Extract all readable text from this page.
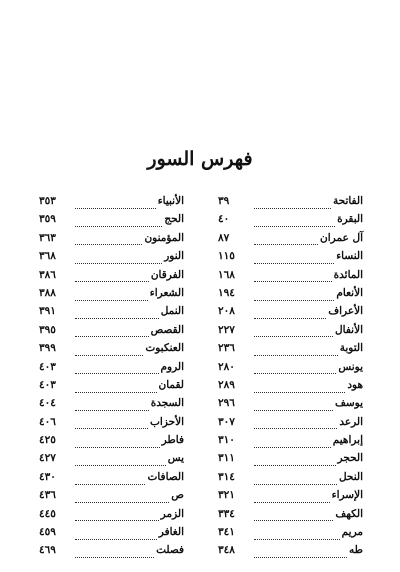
فهرس السور
الفاتحة
٣٩
البقرة
٤٠
آل عمران
٨٧
النساء
١١٥
المائدة
١٦٨
الأنعام
١٩٤
الأعراف
٢٠٨
الأنفال
٢٢٧
التوبة
٢٣٦
يونس
٢٨٠
هود
٢٨٩
يوسف
٢٩٦
الرعد
٣٠٧
إبراهيم
٣١٠
الحجر
٣١١
النحل
٣١٤
الإسراء
٣٢١
الكهف
٣٣٤
مريم
٣٤١
طه
٣٤٨
الأنبياء
٣٥٣
الحج
٣٥٩
المؤمنون
٣٦٣
النور
٣٦٨
الفرقان
٣٨٦
الشعراء
٣٨٨
النمل
٣٩١
القصص
٣٩٥
العنكبوت
٣٩٩
الروم
٤٠٣
لقمان
٤٠٣
السجدة
٤٠٤
الأحزاب
٤٠٦
فاطر
٤٢٥
يس
٤٢٧
الصافات
٤٣٠
ص
٤٣٦
الزمر
٤٤٥
الغافر
٤٥٩
فصلت
٤٦٩
